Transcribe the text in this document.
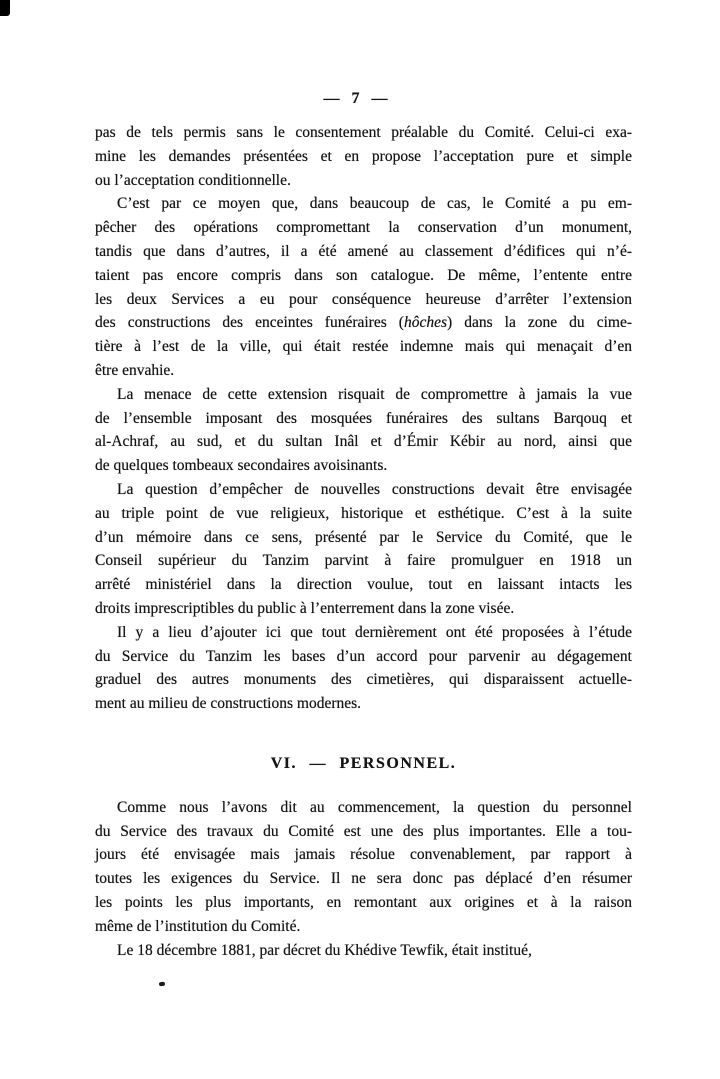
— 7 —
pas de tels permis sans le consentement préalable du Comité. Celui-ci exa-
mine les demandes présentées et en propose l’acceptation pure et simple
ou l’acceptation conditionnelle.
C’est par ce moyen que, dans beaucoup de cas, le Comité a pu em-
pêcher des opérations compromettant la conservation d’un monument,
tandis que dans d’autres, il a été amené au classement d’édifices qui n’é-
taient pas encore compris dans son catalogue. De même, l’entente entre
les deux Services a eu pour conséquence heureuse d’arrêter l’extension
des constructions des enceintes funéraires (hôches) dans la zone du cime-
tière à l’est de la ville, qui était restée indemne mais qui menaçait d’en
être envahie.
La menace de cette extension risquait de compromettre à jamais la vue
de l’ensemble imposant des mosquées funéraires des sultans Barqouq et
al-Achraf, au sud, et du sultan Inâl et d’Émir Kébir au nord, ainsi que
de quelques tombeaux secondaires avoisinants.
La question d’empêcher de nouvelles constructions devait être envisagée
au triple point de vue religieux, historique et esthétique. C’est à la suite
d’un mémoire dans ce sens, présenté par le Service du Comité, que le
Conseil supérieur du Tanzim parvint à faire promulguer en 1918 un
arrêté ministériel dans la direction voulue, tout en laissant intacts les
droits imprescriptibles du public à l’enterrement dans la zone visée.
Il y a lieu d’ajouter ici que tout dernièrement ont été proposées à l’étude
du Service du Tanzim les bases d’un accord pour parvenir au dégagement
graduel des autres monuments des cimetières, qui disparaissent actuelle-
ment au milieu de constructions modernes.
VI. — PERSONNEL.
Comme nous l’avons dit au commencement, la question du personnel
du Service des travaux du Comité est une des plus importantes. Elle a tou-
jours été envisagée mais jamais résolue convenablement, par rapport à
toutes les exigences du Service. Il ne sera donc pas déplacé d’en résumer
les points les plus importants, en remontant aux origines et à la raison
même de l’institution du Comité.
Le 18 décembre 1881, par décret du Khédive Tewfik, était institué,
